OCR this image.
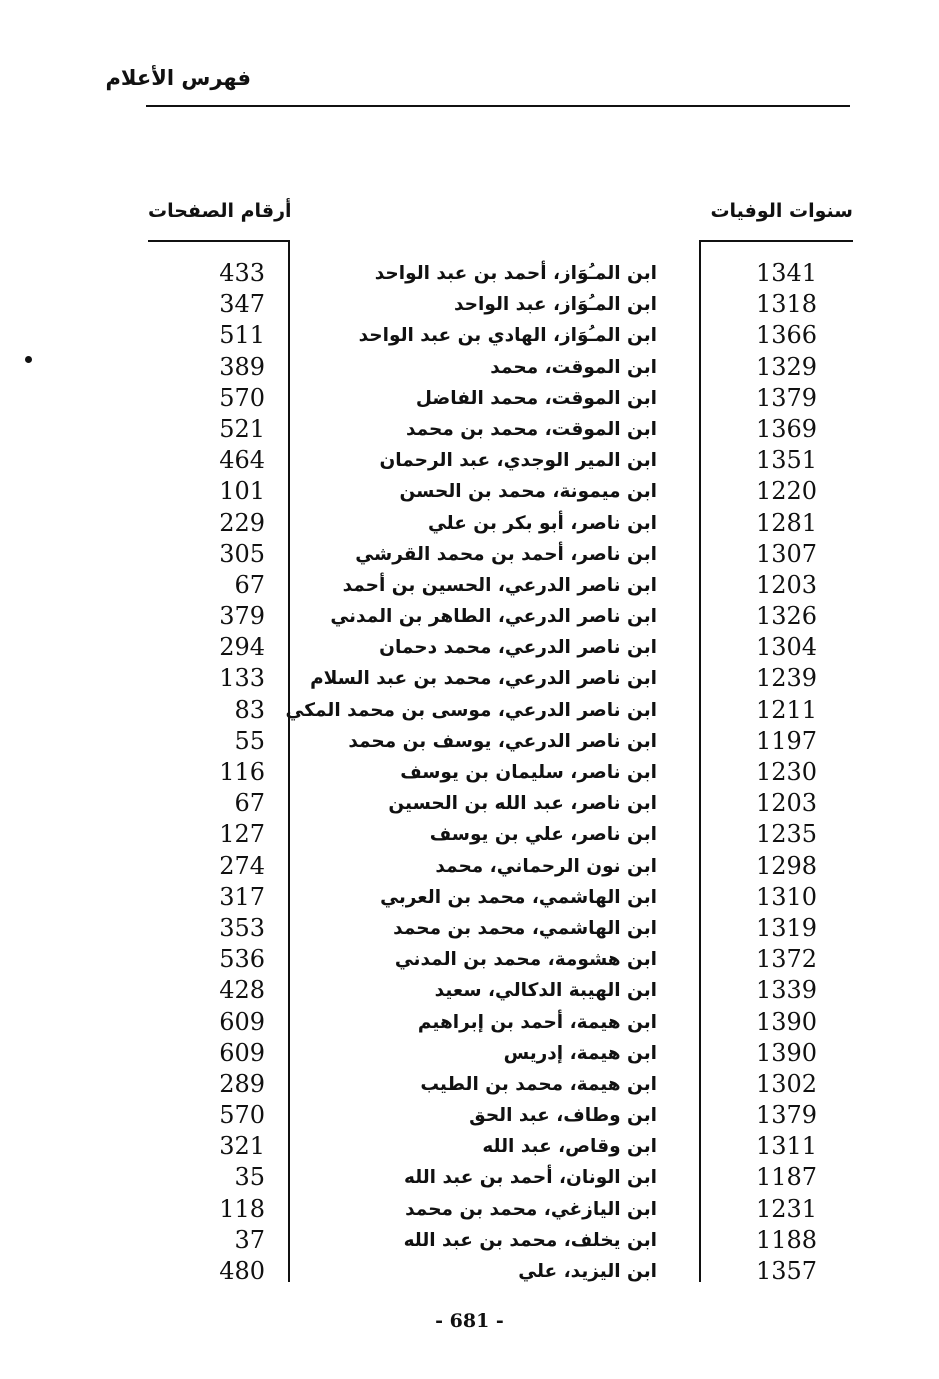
فهرس الأعلام
سنوات الوفيات
أرقام الصفحات
1341
ابن المـُوَاز، أحمد بن عبد الواحد
433
1318
ابن المـُوَاز، عبد الواحد
347
1366
ابن المـُوَاز، الهادي بن عبد الواحد
511
1329
ابن الموقت، محمد
389
1379
ابن الموقت، محمد الفاضل
570
1369
ابن الموقت، محمد بن محمد
521
1351
ابن المير الوجدي، عبد الرحمان
464
1220
ابن ميمونة، محمد بن الحسن
101
1281
ابن ناصر، أبو بكر بن علي
229
1307
ابن ناصر، أحمد بن محمد القرشي
305
1203
ابن ناصر الدرعي، الحسين بن أحمد
67
1326
ابن ناصر الدرعي، الطاهر بن المدني
379
1304
ابن ناصر الدرعي، محمد دحمان
294
1239
ابن ناصر الدرعي، محمد بن عبد السلام
133
1211
ابن ناصر الدرعي، موسى بن محمد المكي
83
1197
ابن ناصر الدرعي، يوسف بن محمد
55
1230
ابن ناصر، سليمان بن يوسف
116
1203
ابن ناصر، عبد الله بن الحسين
67
1235
ابن ناصر، علي بن يوسف
127
1298
ابن نون الرحماني، محمد
274
1310
ابن الهاشمي، محمد بن العربي
317
1319
ابن الهاشمي، محمد بن محمد
353
1372
ابن هشومة، محمد بن المدني
536
1339
ابن الهيبة الدكالي، سعيد
428
1390
ابن هيمة، أحمد بن إبراهيم
609
1390
ابن هيمة، إدريس
609
1302
ابن هيمة، محمد بن الطيب
289
1379
ابن وطاف، عبد الحق
570
1311
ابن وقاص، عبد الله
321
1187
ابن الونان، أحمد بن عبد الله
35
1231
ابن اليازغي، محمد بن محمد
118
1188
ابن يخلف، محمد بن عبد الله
37
1357
ابن اليزيد، علي
480
- 681 -
